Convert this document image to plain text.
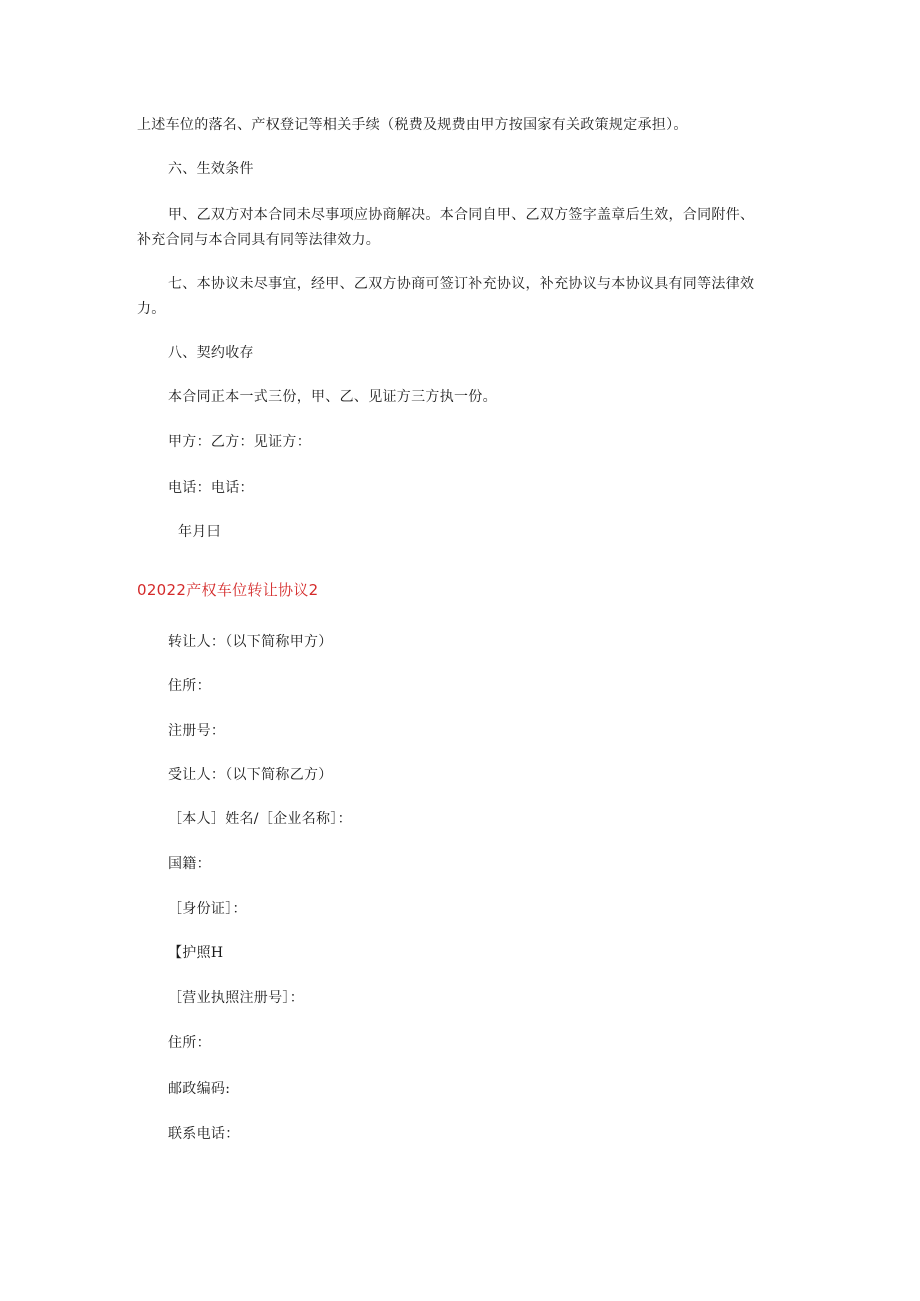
上述车位的落名、产权登记等相关手续（税费及规费由甲方按国家有关政策规定承担）。
六、生效条件
甲、乙双方对本合同未尽事项应协商解决。本合同自甲、乙双方签字盖章后生效，合同附件、
补充合同与本合同具有同等法律效力。
七、本协议未尽事宜，经甲、乙双方协商可签订补充协议，补充协议与本协议具有同等法律效
力。
八、契约收存
本合同正本一式三份，甲、乙、见证方三方执一份。
甲方：乙方：见证方：
电话：电话：
年月曰
02022产权车位转让协议2
转让人：（以下简称甲方）
住所：
注册号：
受让人：（以下简称乙方）
［本人］姓名/［企业名称］：
国籍：
［身份证］：
【护照H
［营业执照注册号］：
住所：
邮政编码:
联系电话：
